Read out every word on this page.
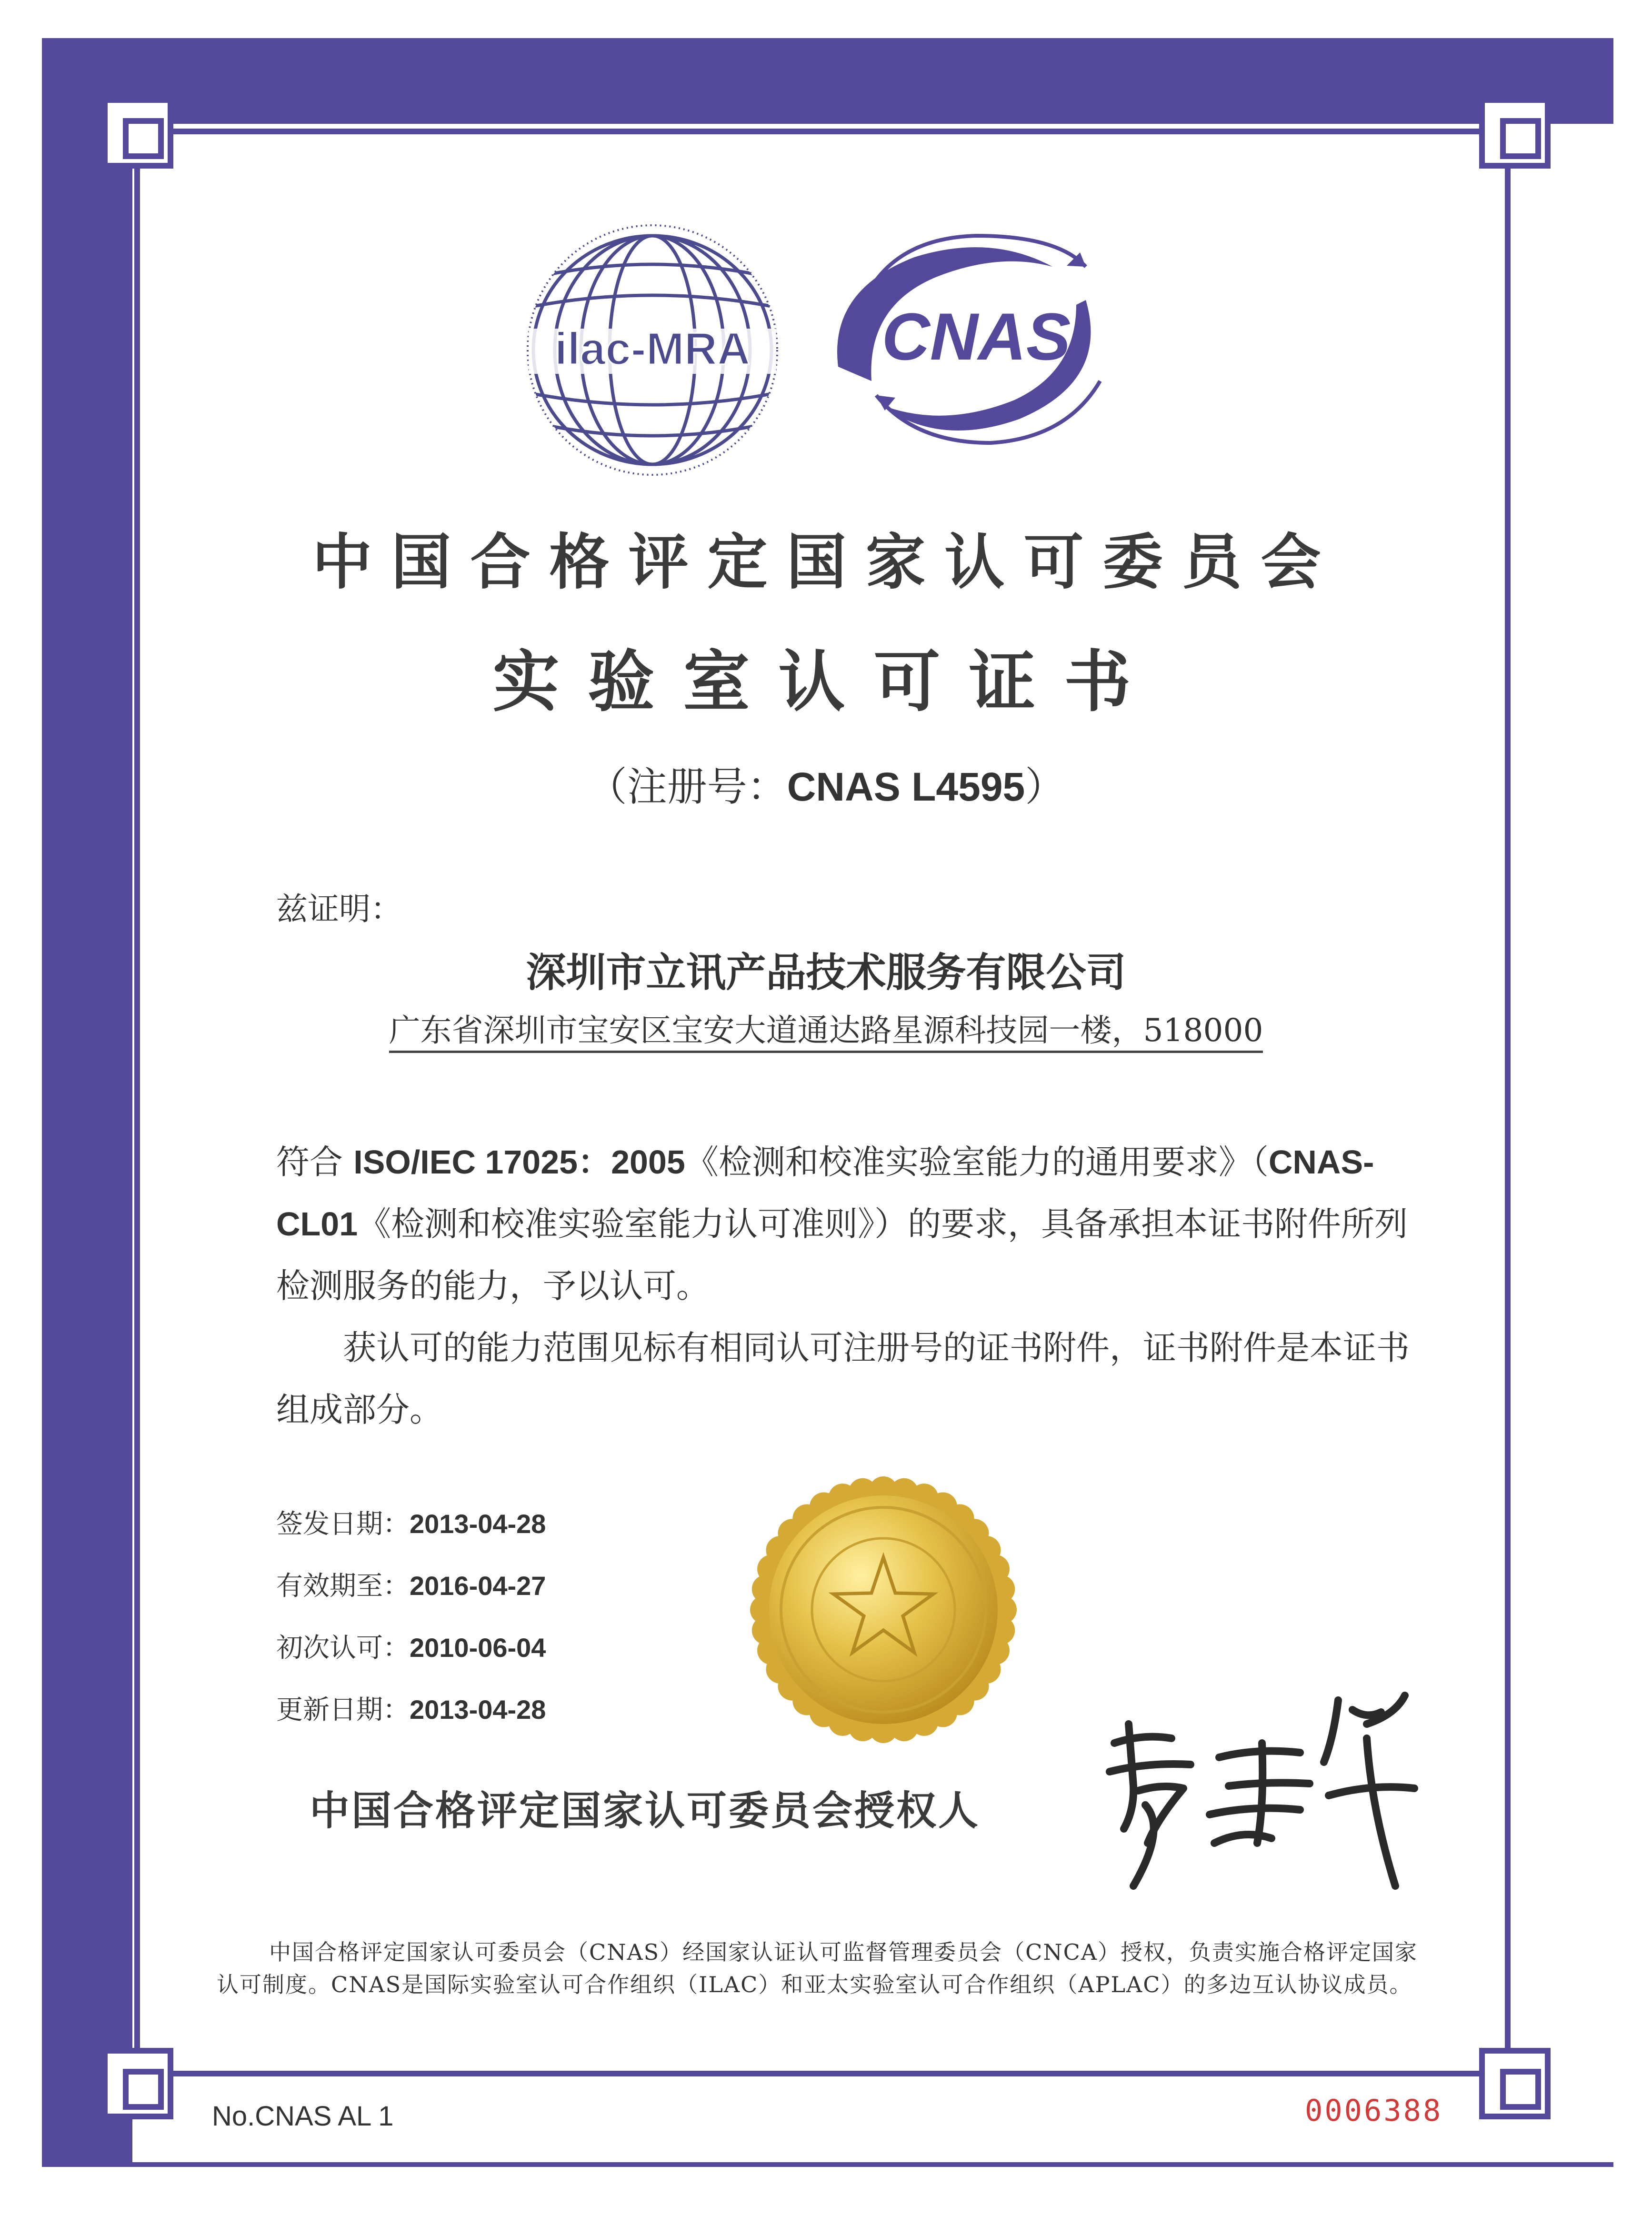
ilac-MRA CNAS
中国合格评定国家认可委员会
实验室认可证书
（注册号：CNAS L4595）
兹证明：
深圳市立讯产品技术服务有限公司
广东省深圳市宝安区宝安大道通达路星源科技园一楼，518000

符合 ISO/IEC 17025：2005《检测和校准实验室能力的通用要求》（CNAS-CL01《检测和校准实验室能力认可准则》）的要求，具备承担本证书附件所列检测服务的能力，予以认可。

获认可的能力范围见标有相同认可注册号的证书附件，证书附件是本证书组成部分。

签发日期：2013-04-28
有效期至：2016-04-27
初次认可：2010-06-04
更新日期：2013-04-28
中国合格评定国家认可委员会授权人
中国合格评定国家认可委员会（CNAS）经国家认证认可监督管理委员会（CNCA）授权，负责实施合格评定国家认可制度。CNAS是国际实验室认可合作组织（ILAC）和亚太实验室认可合作组织（APLAC）的多边互认协议成员。
No.CNAS AL 1	0006388
